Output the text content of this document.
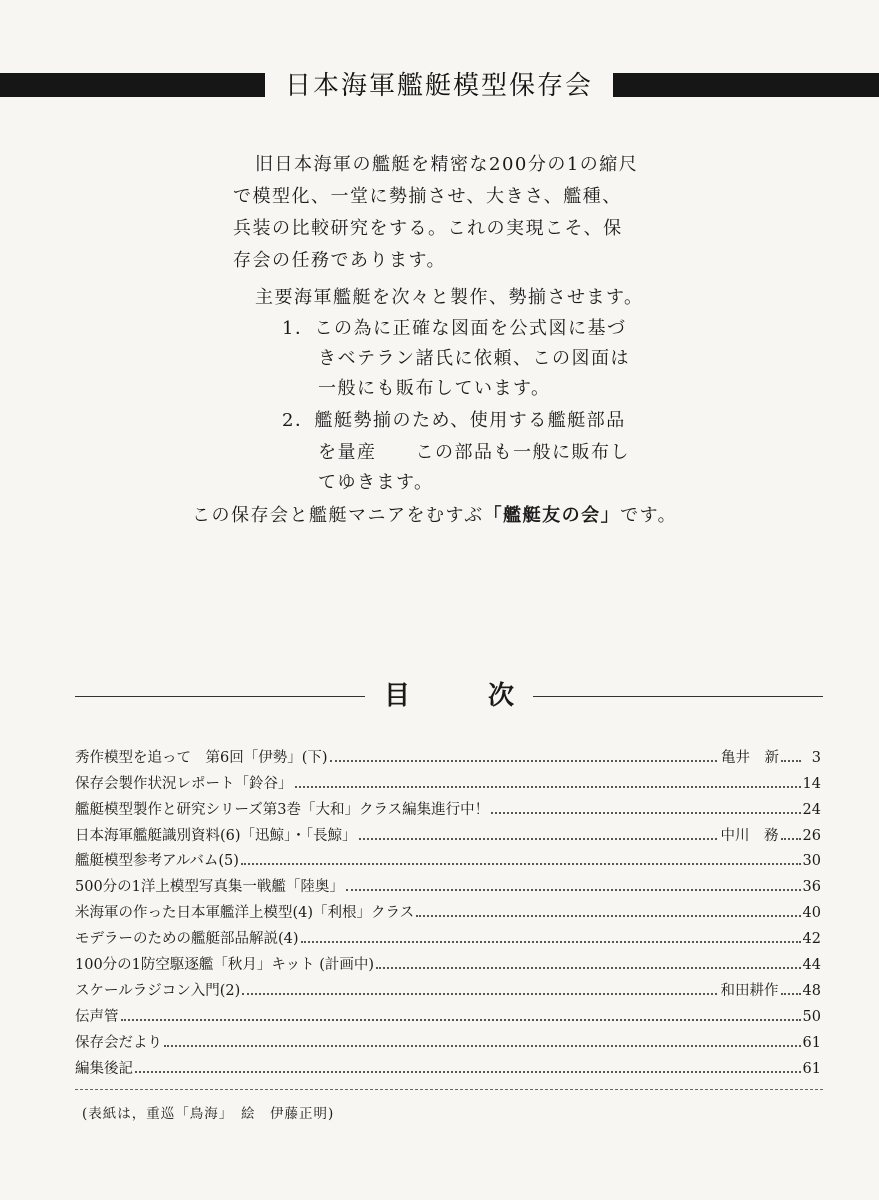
日本海軍艦艇模型保存会
旧日本海軍の艦艇を精密な200分の1の縮尺
で模型化、一堂に勢揃させ、大きさ、艦種、
兵装の比較研究をする。これの実現こそ、保
存会の任務であります。
主要海軍艦艇を次々と製作、勢揃させます。
1．この為に正確な図面を公式図に基づ
きベテラン諸氏に依頼、この図面は
一般にも販布しています。
2．艦艇勢揃のため、使用する艦艇部品
を量産　　この部品も一般に販布し
てゆきます。
この保存会と艦艇マニアをむすぶ「艦艇友の会」です。
目	次
秀作模型を追って　第6回「伊勢」(下)	亀井　新	3
保存会製作状況レポート「鈴谷」	14
艦艇模型製作と研究シリーズ第3巻「大和」クラス編集進行中！	24
日本海軍艦艇識別資料(6)「迅鯨」・「長鯨」	中川　務 26
艦艇模型参考アルバム(5)	30
500分の1洋上模型写真集一戦艦「陸奥」	36
米海軍の作った日本軍艦洋上模型(4)「利根」クラス	40
モデラーのための艦艇部品解説(4)	42
100分の1防空駆逐艦「秋月」キット (計画中)	44
スケールラジコン入門(2)	和田耕作 48
伝声管	50
保存会だより	61
編集後記	61
(表紙は，重巡「鳥海」　絵　伊藤正明)
